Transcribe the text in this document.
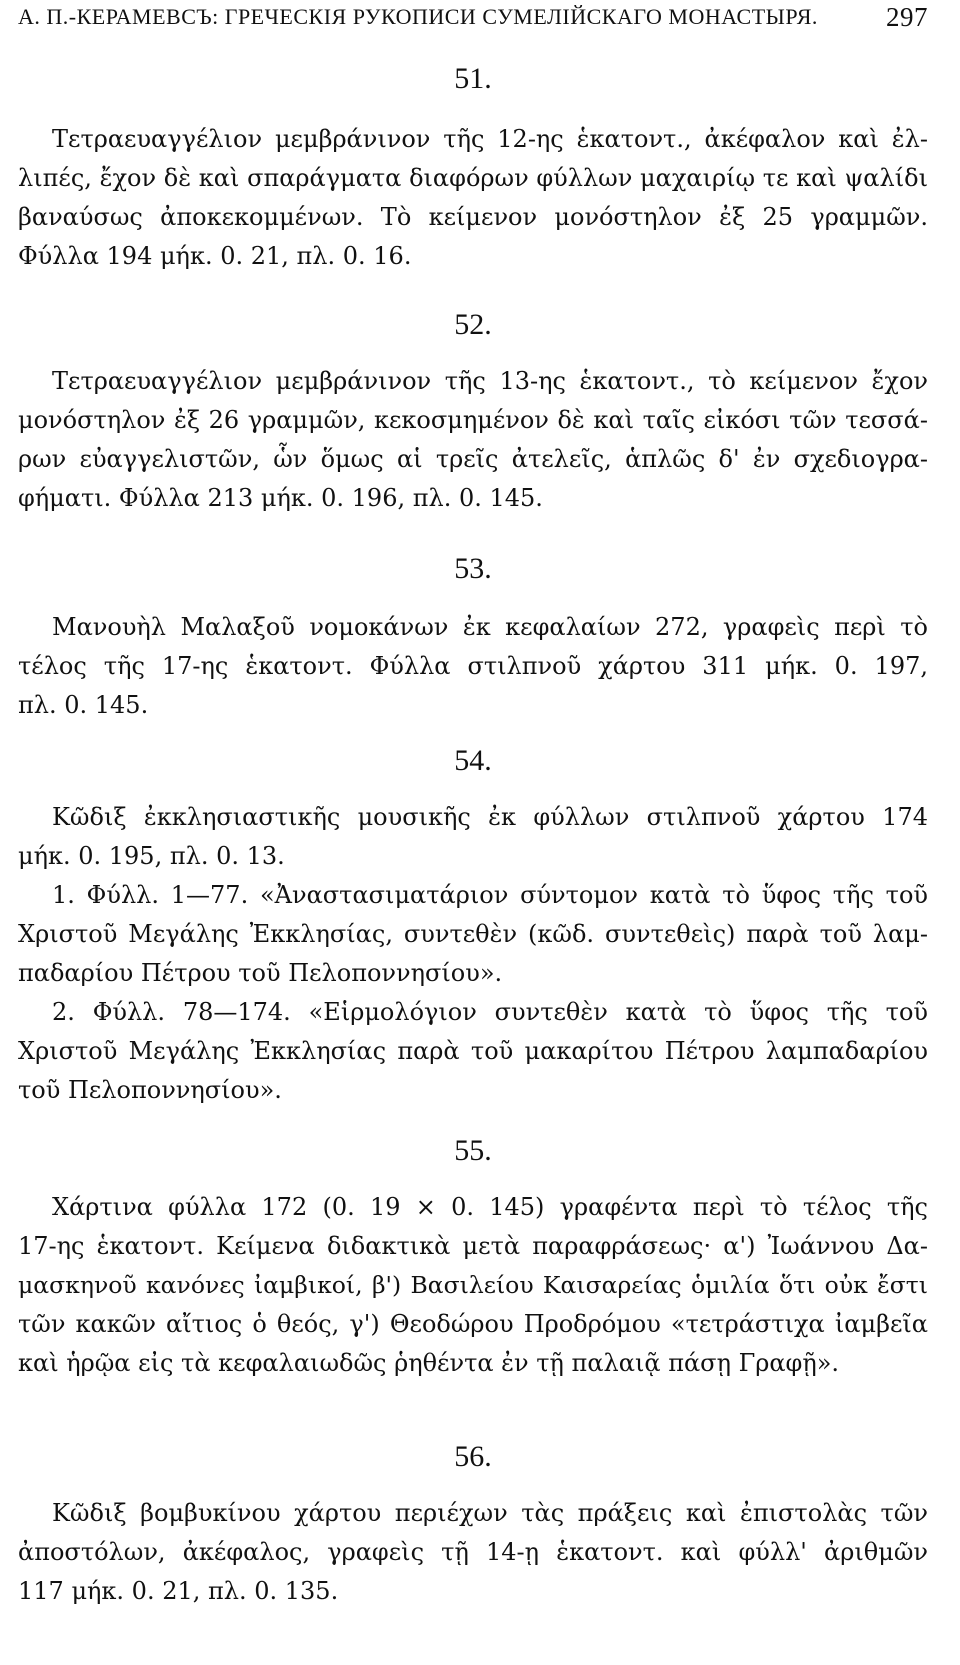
А. П.-КЕРАМЕВСЪ: ГРЕЧЕСКІЯ РУКОПИСИ СУМЕЛІЙСКАГО МОНАСТЫРЯ.	297
51.
Τετραευαγγέλιον μεμβράνινον τῆς 12-ης ἑκατοντ., ἀκέφαλον καὶ ἐλ-
λιπές, ἔχον δὲ καὶ σπαράγματα διαφόρων φύλλων μαχαιρίῳ τε καὶ ψαλίδι
βαναύσως ἀποκεκομμένων. Τὸ κείμενον μονόστηλον ἐξ 25 γραμμῶν.
Φύλλα 194 μήκ. 0. 21, πλ. 0. 16.
52.
Τετραευαγγέλιον μεμβράνινον τῆς 13-ης ἑκατοντ., τὸ κείμενον ἔχον
μονόστηλον ἐξ 26 γραμμῶν, κεκοσμημένον δὲ καὶ ταῖς εἰκόσι τῶν τεσσά-
ρων εὐαγγελιστῶν, ὧν ὅμως αἱ τρεῖς ἀτελεῖς, ἁπλῶς δ' ἐν σχεδιογρα-
φήματι. Φύλλα 213 μήκ. 0. 196, πλ. 0. 145.
53.
Μανουὴλ Μαλαξοῦ νομοκάνων ἐκ κεφαλαίων 272, γραφεὶς περὶ τὸ
τέλος τῆς 17-ης ἑκατοντ. Φύλλα στιλπνοῦ χάρτου 311 μήκ. 0. 197,
πλ. 0. 145.
54.
Κῶδιξ ἐκκλησιαστικῆς μουσικῆς ἐκ φύλλων στιλπνοῦ χάρτου 174
μήκ. 0. 195, πλ. 0. 13.
1. Φύλλ. 1—77. «Ἀναστασιματάριον σύντομον κατὰ τὸ ὕφος τῆς τοῦ
Χριστοῦ Μεγάλης Ἐκκλησίας, συντεθὲν (κῶδ. συντεθεὶς) παρὰ τοῦ λαμ-
παδαρίου Πέτρου τοῦ Πελοποννησίου».
2. Φύλλ. 78—174. «Εἱρμολόγιον συντεθὲν κατὰ τὸ ὕφος τῆς τοῦ
Χριστοῦ Μεγάλης Ἐκκλησίας παρὰ τοῦ μακαρίτου Πέτρου λαμπαδαρίου
τοῦ Πελοποννησίου».
55.
Χάρτινα φύλλα 172 (0. 19 × 0. 145) γραφέντα περὶ τὸ τέλος τῆς
17-ης ἑκατοντ. Κείμενα διδακτικὰ μετὰ παραφράσεως· α') Ἰωάννου Δα-
μασκηνοῦ κανόνες ἰαμβικοί, β') Βασιλείου Καισαρείας ὁμιλία ὅτι οὐκ ἔστι
τῶν κακῶν αἴτιος ὁ θεός, γ') Θεοδώρου Προδρόμου «τετράστιχα ἰαμβεῖα
καὶ ἡρῷα εἰς τὰ κεφαλαιωδῶς ῥηθέντα ἐν τῇ παλαιᾷ πάσῃ Γραφῇ».
56.
Κῶδιξ βομβυκίνου χάρτου περιέχων τὰς πράξεις καὶ ἐπιστολὰς τῶν
ἀποστόλων, ἀκέφαλος, γραφεὶς τῇ 14-ῃ ἑκατοντ. καὶ φύλλ' ἀριθμῶν
117 μήκ. 0. 21, πλ. 0. 135.
